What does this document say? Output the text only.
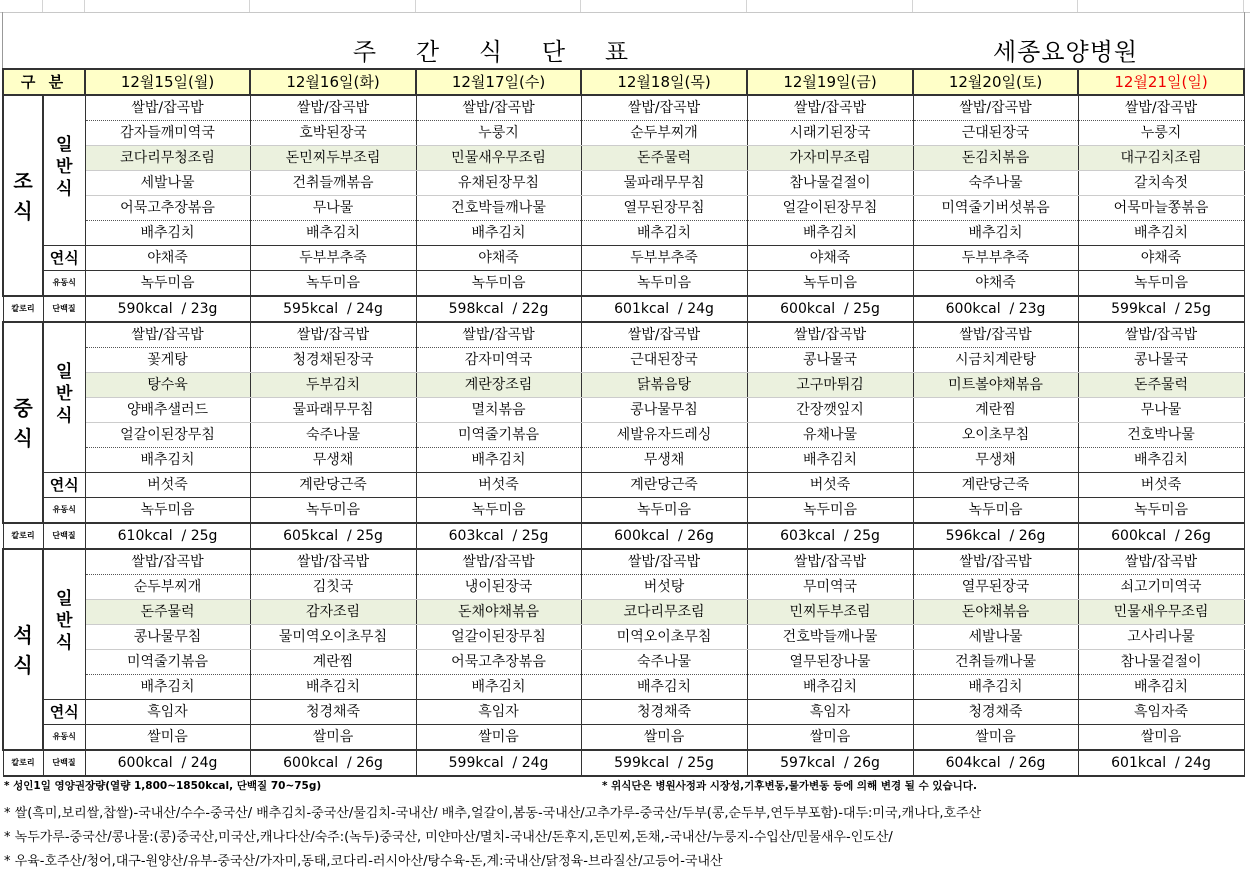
주 간 식 단 표	세종요양병원
구 분		12월15일(월)	12월16일(화)	12월17일(수)	12월18일(목)	12월19일(금)	12월20일(토)	12월21일(일)

조식	일반식	쌀밥/잡곡밥	쌀밥/잡곡밥	쌀밥/잡곡밥	쌀밥/잡곡밥	쌀밥/잡곡밥	쌀밥/잡곡밥	쌀밥/잡곡밥
		감자들깨미역국	호박된장국	누룽지	순두부찌개	시래기된장국	근대된장국	누룽지
		코다리무청조림	돈민찌두부조림	민물새우무조림	돈주물럭	가자미무조림	돈김치볶음	대구김치조림
		세발나물	건취들깨볶음	유채된장무침	물파래무무침	참나물겉절이	숙주나물	갈치속젓
		어묵고추장볶음	무나물	건호박들깨나물	열무된장무침	얼갈이된장무침	미역줄기버섯볶음	어묵마늘쫑볶음
		배추김치	배추김치	배추김치	배추김치	배추김치	배추김치	배추김치
	연식	야채죽	두부부추죽	야채죽	두부부추죽	야채죽	두부부추죽	야채죽
	유동식	녹두미음	녹두미음	녹두미음	녹두미음	녹두미음	야채죽	녹두미음
칼로리	단백질	590kcal  / 23g	595kcal  / 24g	598kcal  / 22g	601kcal  / 24g	600kcal  / 25g	600kcal  / 23g	599kcal  / 25g

중식	일반식	쌀밥/잡곡밥	쌀밥/잡곡밥	쌀밥/잡곡밥	쌀밥/잡곡밥	쌀밥/잡곡밥	쌀밥/잡곡밥	쌀밥/잡곡밥
		꽃게탕	청경채된장국	감자미역국	근대된장국	콩나물국	시금치계란탕	콩나물국
		탕수육	두부김치	계란장조림	닭볶음탕	고구마튀김	미트볼야채볶음	돈주물럭
		양배추샐러드	물파래무무침	멸치볶음	콩나물무침	간장깻잎지	계란찜	무나물
		얼갈이된장무침	숙주나물	미역줄기볶음	세발유자드레싱	유채나물	오이초무침	건호박나물
		배추김치	무생채	배추김치	무생채	배추김치	무생채	배추김치
	연식	버섯죽	계란당근죽	버섯죽	계란당근죽	버섯죽	계란당근죽	버섯죽
	유동식	녹두미음	녹두미음	녹두미음	녹두미음	녹두미음	녹두미음	녹두미음
칼로리	단백질	610kcal  / 25g	605kcal  / 25g	603kcal  / 25g	600kcal  / 26g	603kcal  / 25g	596kcal  / 26g	600kcal  / 26g

석식	일반식	쌀밥/잡곡밥	쌀밥/잡곡밥	쌀밥/잡곡밥	쌀밥/잡곡밥	쌀밥/잡곡밥	쌀밥/잡곡밥	쌀밥/잡곡밥
		순두부찌개	김칫국	냉이된장국	버섯탕	무미역국	열무된장국	쇠고기미역국
		돈주물럭	감자조림	돈채야채볶음	코다리무조림	민찌두부조림	돈야채볶음	민물새우무조림
		콩나물무침	물미역오이초무침	얼갈이된장무침	미역오이초무침	건호박들깨나물	세발나물	고사리나물
		미역줄기볶음	계란찜	어묵고추장볶음	숙주나물	열무된장나물	건취들깨나물	참나물겉절이
		배추김치	배추김치	배추김치	배추김치	배추김치	배추김치	배추김치
	연식	흑임자	청경채죽	흑임자	청경채죽	흑임자	청경채죽	흑임자죽
	유동식	쌀미음	쌀미음	쌀미음	쌀미음	쌀미음	쌀미음	쌀미음
칼로리	단백질	600kcal  / 24g	600kcal  / 26g	599kcal  / 24g	599kcal  / 25g	597kcal  / 26g	604kcal  / 26g	601kcal  / 24g
* 성인1일 영양권장량(열량 1,800~1850kcal, 단백질 70~75g)	* 위식단은 병원사정과 시장성,기후변동,물가변동 등에 의해 변경 될 수 있습니다.
* 쌀(흑미,보리쌀,찹쌀)-국내산/수수-중국산/ 배추김치-중국산/물김치-국내산/ 배추,얼갈이,봄동-국내산/고추가루-중국산/두부(콩,순두부,연두부포함)-대두:미국,캐나다,호주산
* 녹두가루-중국산/콩나물:(콩)중국산,미국산,캐나다산/숙주:(녹두)중국산, 미얀마산/멸치-국내산/돈후지,돈민찌,돈채,-국내산/누룽지-수입산/민물새우-인도산/
* 우육-호주산/청어,대구-원양산/유부-중국산/가자미,동태,코다리-러시아산/탕수육-돈,계:국내산/닭정육-브라질산/고등어-국내산
